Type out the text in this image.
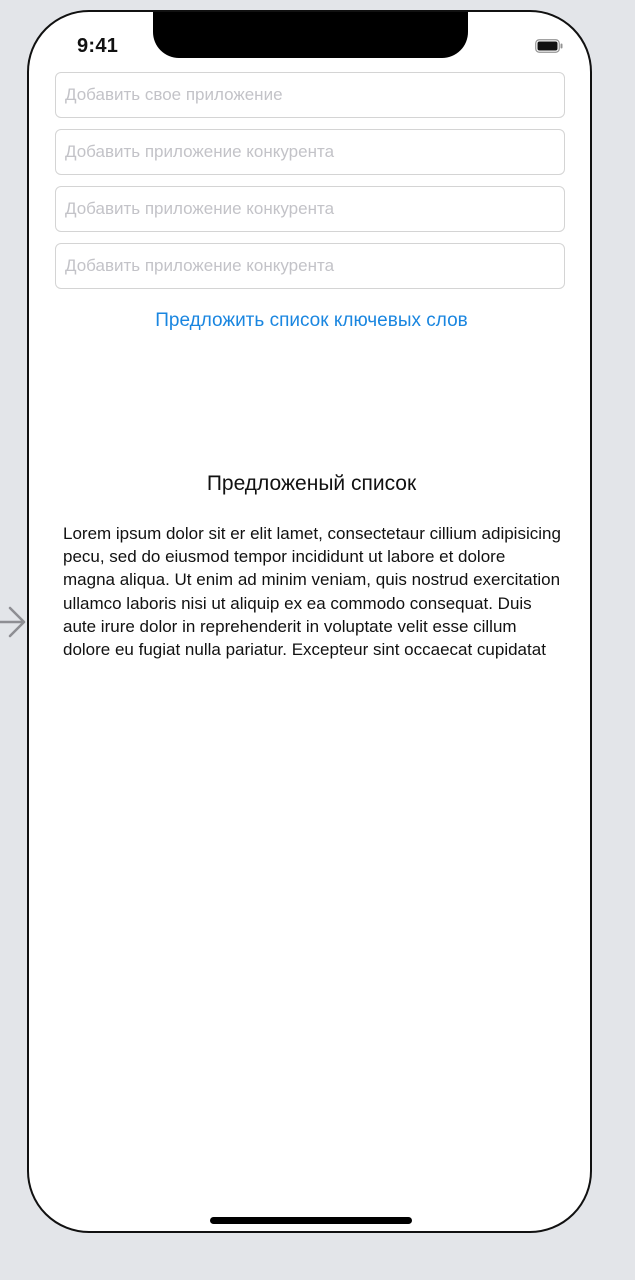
9:41
Добавить свое приложение
Добавить приложение конкурента
Добавить приложение конкурента
Добавить приложение конкурента
Предложить список ключевых слов
Предложеный список

Lorem ipsum dolor sit er elit lamet, consectetaur cillium adipisicing pecu, sed do eiusmod tempor incididunt ut labore et dolore magna aliqua. Ut enim ad minim veniam, quis nostrud exercitation ullamco laboris nisi ut aliquip ex ea commodo consequat. Duis aute irure dolor in reprehenderit in voluptate velit esse cillum dolore eu fugiat nulla pariatur. Excepteur sint occaecat cupidatat
